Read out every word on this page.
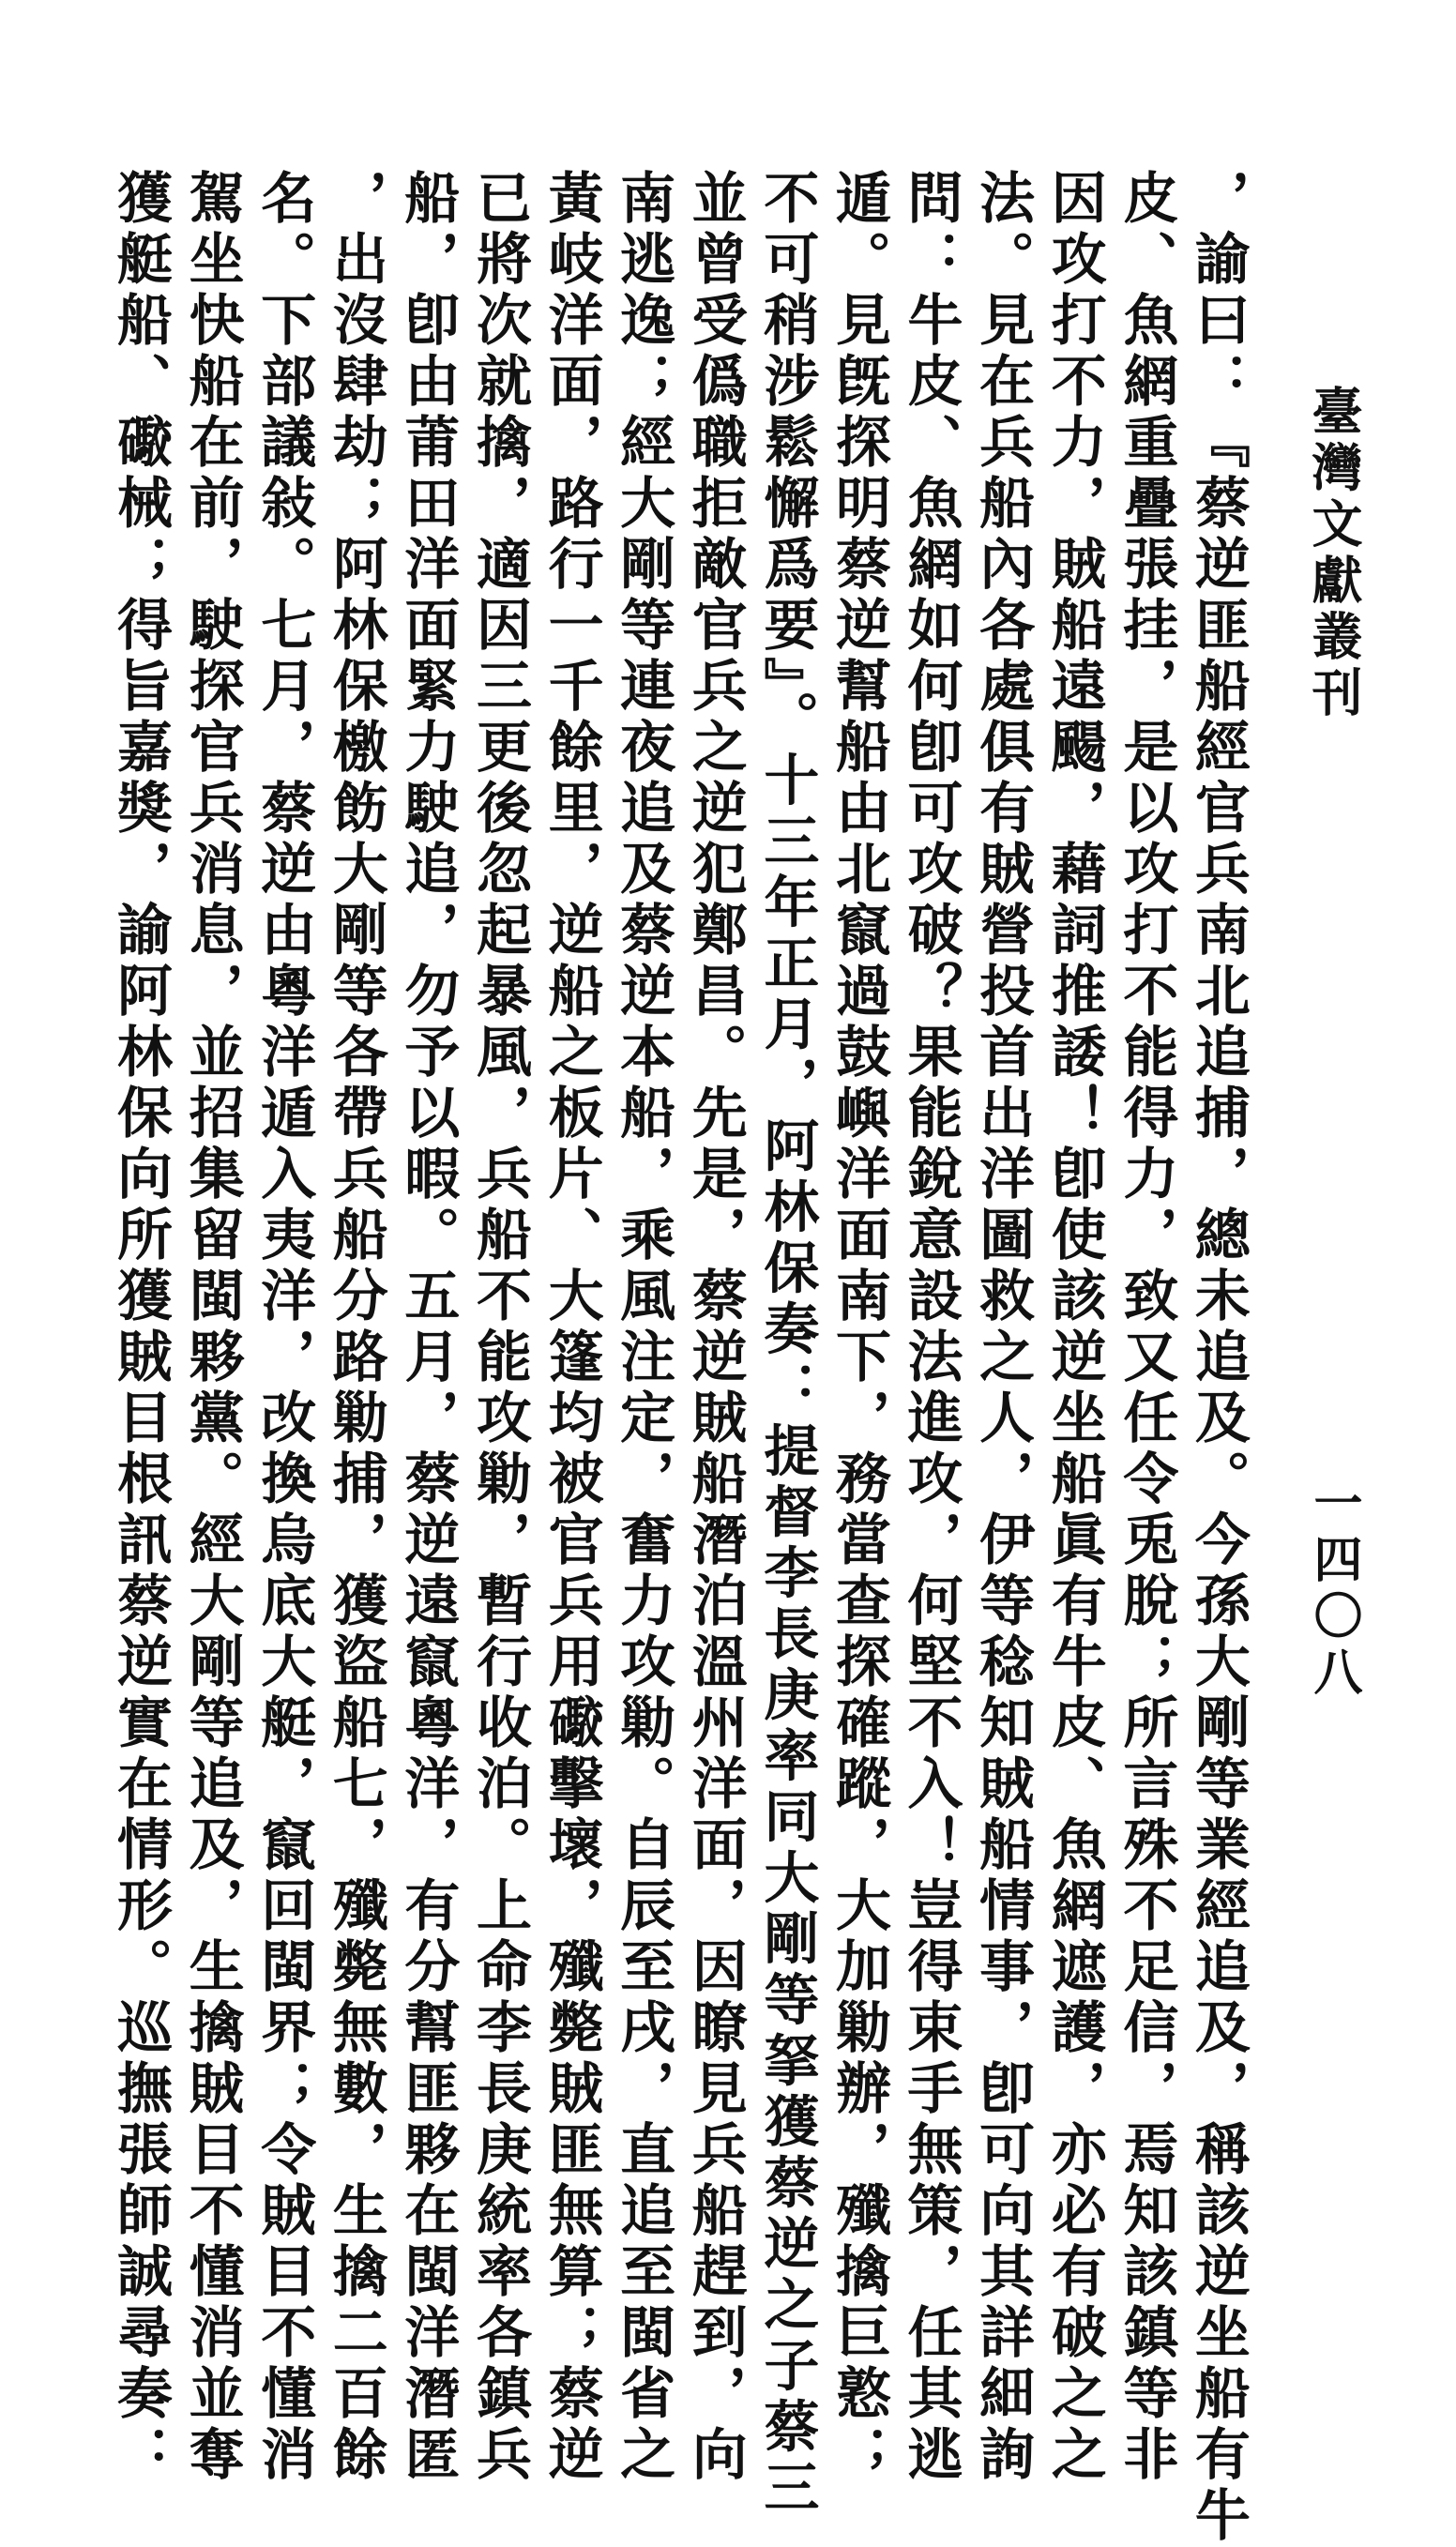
臺灣文獻叢刊
一四〇八
，諭曰：『蔡逆匪船經官兵南北追捕，總未追及。今孫大剛等業經追及，稱該逆坐船有牛
皮、魚網重疊張挂，是以攻打不能得力，致又任令兎脫；所言殊不足信，焉知該鎮等非
因攻打不力，賊船遠颺，藉詞推諉！卽使該逆坐船眞有牛皮、魚網遮護，亦必有破之之
法。見在兵船內各處俱有賊營投首出洋圖救之人，伊等稔知賊船情事，卽可向其詳細詢
問：牛皮、魚網如何卽可攻破？果能銳意設法進攻，何堅不入！豈得束手無策，任其逃
遁。見旣探明蔡逆幫船由北竄過鼓嶼洋面南下，務當查探確蹤，大加勦辦，殲擒巨憝；
不可稍涉鬆懈爲要』。十三年正月，阿林保奏：提督李長庚率同大剛等拏獲蔡逆之子蔡三
並曾受僞職拒敵官兵之逆犯鄭昌。先是，蔡逆賊船潛泊溫州洋面，因瞭見兵船趕到，向
南逃逸；經大剛等連夜追及蔡逆本船，乘風注定，奮力攻勦。自辰至戌，直追至閩省之
黃岐洋面，路行一千餘里，逆船之板片、大篷均被官兵用礮擊壞，殲斃賊匪無算；蔡逆
已將次就擒，適因三更後忽起暴風，兵船不能攻勦，暫行收泊。上命李長庚統率各鎮兵
船，卽由莆田洋面緊力駛追，勿予以暇。五月，蔡逆遠竄粵洋，有分幫匪夥在閩洋潛匿
，出沒肆劫；阿林保檄飭大剛等各帶兵船分路勦捕，獲盜船七，殲斃無數，生擒二百餘
名。下部議敍。七月，蔡逆由粵洋遁入夷洋，改換烏底大艇，竄回閩界；令賊目不懂消
駕坐快船在前，駛探官兵消息，並招集留閩夥黨。經大剛等追及，生擒賊目不懂消並奪
獲艇船、礮械；得旨嘉獎，諭阿林保向所獲賊目根訊蔡逆實在情形。巡撫張師誠尋奏：
